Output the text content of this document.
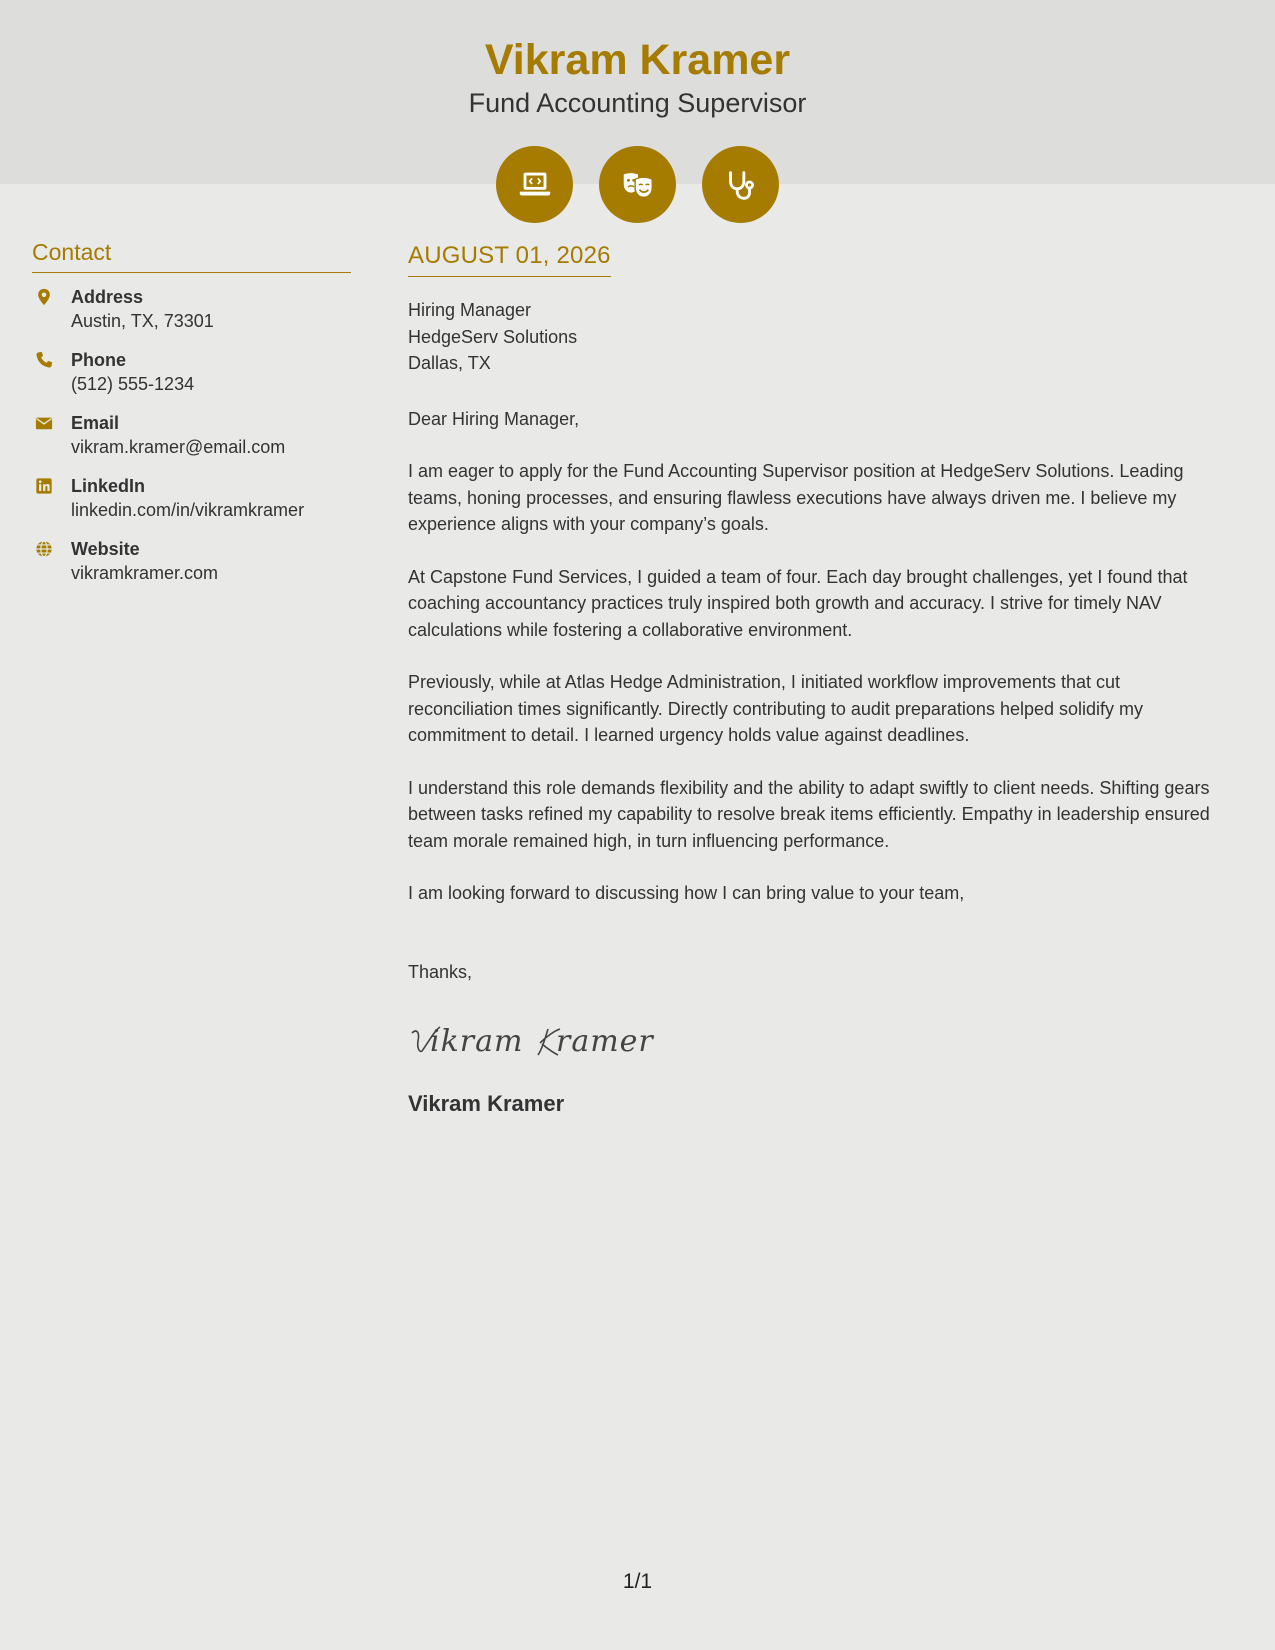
Vikram Kramer
Fund Accounting Supervisor
Contact
Address
Austin, TX, 73301
Phone
(512) 555-1234
Email
vikram.kramer@email.com
LinkedIn
linkedin.com/in/vikramkramer
Website
vikramkramer.com
AUGUST 01, 2026
Hiring Manager
HedgeServ Solutions
Dallas, TX
Dear Hiring Manager,
I am eager to apply for the Fund Accounting Supervisor position at HedgeServ Solutions. Leading teams, honing processes, and ensuring flawless executions have always driven me. I believe my experience aligns with your company’s goals.
At Capstone Fund Services, I guided a team of four. Each day brought challenges, yet I found that coaching accountancy practices truly inspired both growth and accuracy. I strive for timely NAV calculations while fostering a collaborative environment.
Previously, while at Atlas Hedge Administration, I initiated workflow improvements that cut reconciliation times significantly. Directly contributing to audit preparations helped solidify my commitment to detail. I learned urgency holds value against deadlines.
I understand this role demands flexibility and the ability to adapt swiftly to client needs. Shifting gears between tasks refined my capability to resolve break items efficiently. Empathy in leadership ensured team morale remained high, in turn influencing performance.
I am looking forward to discussing how I can bring value to your team,
Thanks,
ikram ramer
Vikram Kramer
1/1
